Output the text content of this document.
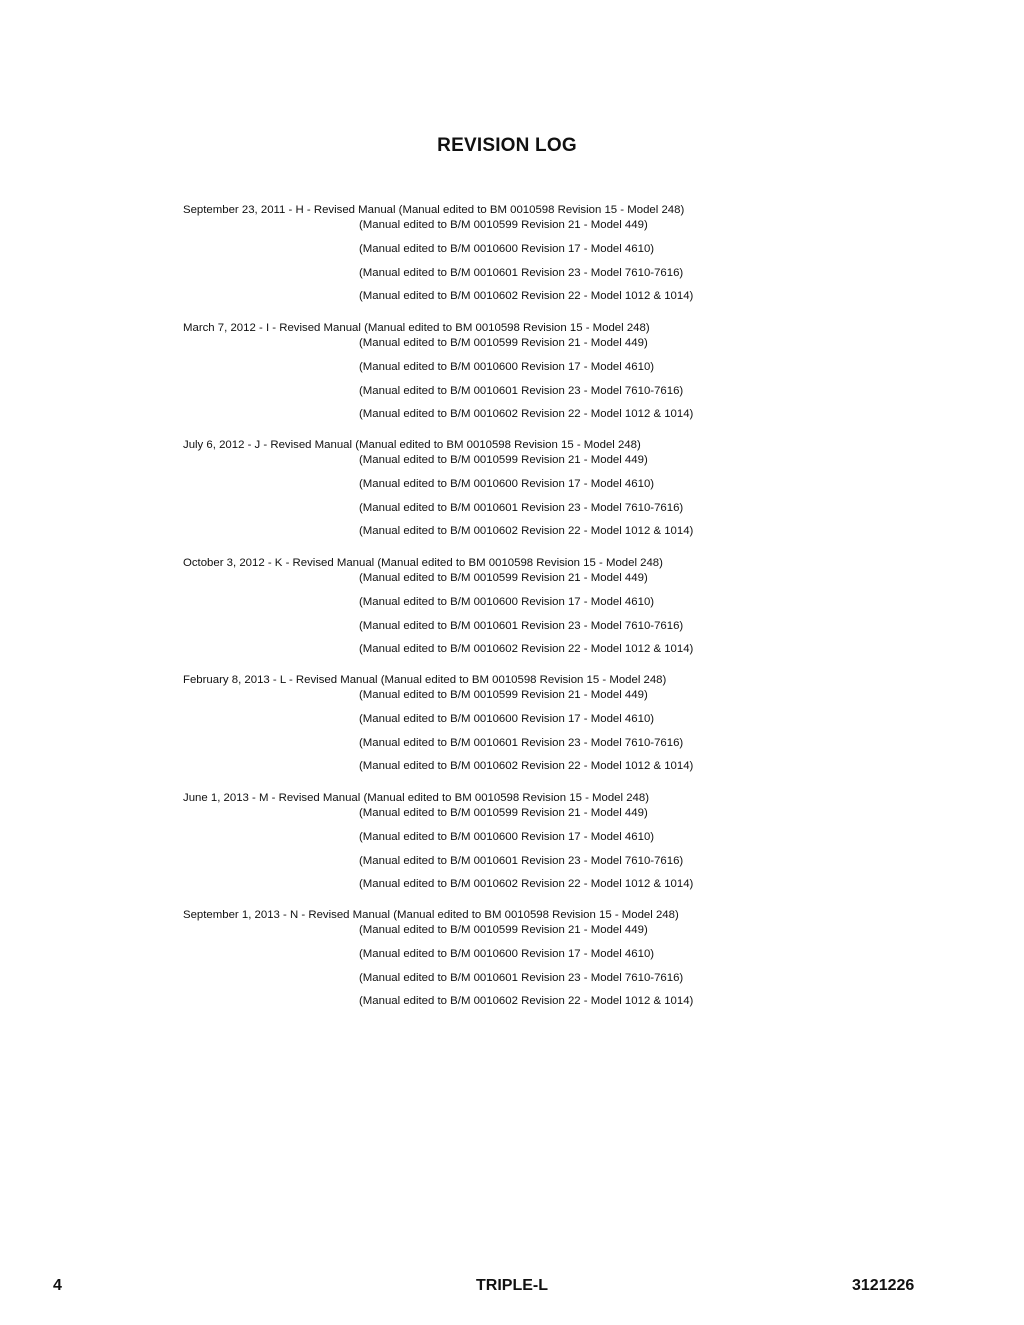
REVISION LOG
September 23, 2011 - H - Revised Manual (Manual edited to BM 0010598 Revision 15 - Model 248)
(Manual edited to B/M 0010599 Revision 21 - Model 449)
(Manual edited to B/M 0010600 Revision 17 - Model 4610)
(Manual edited to B/M 0010601 Revision 23 - Model 7610-7616)
(Manual edited to B/M 0010602 Revision 22 - Model 1012 & 1014)
March 7, 2012 - I - Revised Manual (Manual edited to BM 0010598 Revision 15 - Model 248)
(Manual edited to B/M 0010599 Revision 21 - Model 449)
(Manual edited to B/M 0010600 Revision 17 - Model 4610)
(Manual edited to B/M 0010601 Revision 23 - Model 7610-7616)
(Manual edited to B/M 0010602 Revision 22 - Model 1012 & 1014)
July 6, 2012 - J - Revised Manual (Manual edited to BM 0010598 Revision 15 - Model 248)
(Manual edited to B/M 0010599 Revision 21 - Model 449)
(Manual edited to B/M 0010600 Revision 17 - Model 4610)
(Manual edited to B/M 0010601 Revision 23 - Model 7610-7616)
(Manual edited to B/M 0010602 Revision 22 - Model 1012 & 1014)
October 3, 2012 - K - Revised Manual (Manual edited to BM 0010598 Revision 15 - Model 248)
(Manual edited to B/M 0010599 Revision 21 - Model 449)
(Manual edited to B/M 0010600 Revision 17 - Model 4610)
(Manual edited to B/M 0010601 Revision 23 - Model 7610-7616)
(Manual edited to B/M 0010602 Revision 22 - Model 1012 & 1014)
February 8, 2013 - L - Revised Manual (Manual edited to BM 0010598 Revision 15 - Model 248)
(Manual edited to B/M 0010599 Revision 21 - Model 449)
(Manual edited to B/M 0010600 Revision 17 - Model 4610)
(Manual edited to B/M 0010601 Revision 23 - Model 7610-7616)
(Manual edited to B/M 0010602 Revision 22 - Model 1012 & 1014)
June 1, 2013 - M - Revised Manual (Manual edited to BM 0010598 Revision 15 - Model 248)
(Manual edited to B/M 0010599 Revision 21 - Model 449)
(Manual edited to B/M 0010600 Revision 17 - Model 4610)
(Manual edited to B/M 0010601 Revision 23 - Model 7610-7616)
(Manual edited to B/M 0010602 Revision 22 - Model 1012 & 1014)
September 1, 2013 - N - Revised Manual (Manual edited to BM 0010598 Revision 15 - Model 248)
(Manual edited to B/M 0010599 Revision 21 - Model 449)
(Manual edited to B/M 0010600 Revision 17 - Model 4610)
(Manual edited to B/M 0010601 Revision 23 - Model 7610-7616)
(Manual edited to B/M 0010602 Revision 22 - Model 1012 & 1014)
4	TRIPLE-L	3121226
